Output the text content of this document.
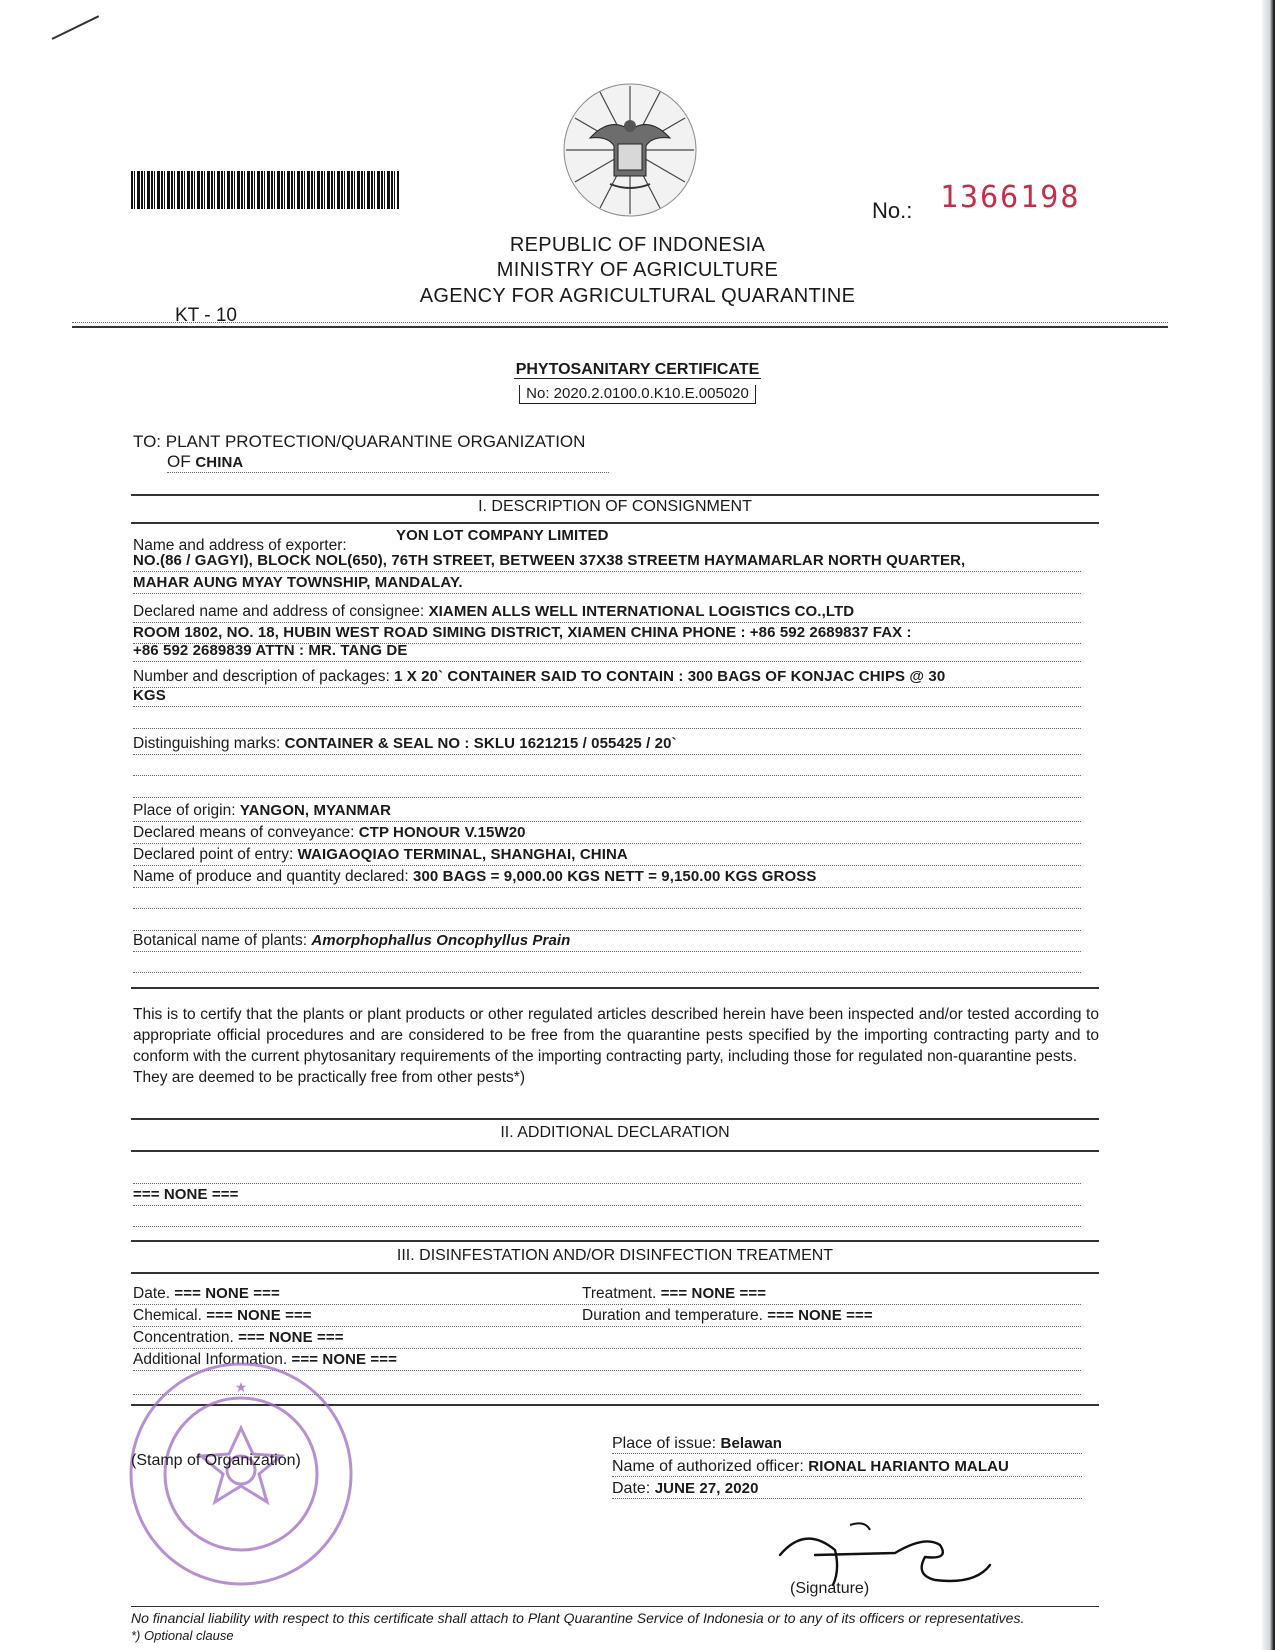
No.: 1366198
REPUBLIC OF INDONESIA
MINISTRY OF AGRICULTURE
AGENCY FOR AGRICULTURAL QUARANTINE
KT - 10
PHYTOSANITARY CERTIFICATE
No: 2020.2.0100.0.K10.E.005020
TO: PLANT PROTECTION/QUARANTINE ORGANIZATION
OF CHINA
I. DESCRIPTION OF CONSIGNMENT
YON LOT COMPANY LIMITED
Name and address of exporter:
NO.(86 / GAGYI), BLOCK NOL(650), 76TH STREET, BETWEEN 37X38 STREETM HAYMAMARLAR NORTH QUARTER,
MAHAR AUNG MYAY TOWNSHIP, MANDALAY.
Declared name and address of consignee: XIAMEN ALLS WELL INTERNATIONAL LOGISTICS CO.,LTD
ROOM 1802, NO. 18, HUBIN WEST ROAD SIMING DISTRICT, XIAMEN CHINA PHONE : +86 592 2689837 FAX :
+86 592 2689839 ATTN : MR. TANG DE
Number and description of packages: 1 X 20` CONTAINER SAID TO CONTAIN : 300 BAGS OF KONJAC CHIPS @ 30
KGS
Distinguishing marks: CONTAINER & SEAL NO : SKLU 1621215 / 055425 / 20`
Place of origin: YANGON, MYANMAR
Declared means of conveyance: CTP HONOUR V.15W20
Declared point of entry: WAIGAOQIAO TERMINAL, SHANGHAI, CHINA
Name of produce and quantity declared: 300 BAGS = 9,000.00 KGS NETT = 9,150.00 KGS GROSS
Botanical name of plants: Amorphophallus Oncophyllus Prain
This is to certify that the plants or plant products or other regulated articles described herein have been inspected and/or tested according to appropriate official procedures and are considered to be free from the quarantine pests specified by the importing contracting party and to conform with the current phytosanitary requirements of the importing contracting party, including those for regulated non-quarantine pests.
They are deemed to be practically free from other pests*)
II. ADDITIONAL DECLARATION
=== NONE ===
III. DISINFESTATION AND/OR DISINFECTION TREATMENT
Date. === NONE ===	Treatment. === NONE ===
Chemical. === NONE ===	Duration and temperature. === NONE ===
Concentration. === NONE ===
Additional Information. === NONE ===
★
(Stamp of Organization)
Place of issue: Belawan
Name of authorized officer: RIONAL HARIANTO MALAU
Date: JUNE 27, 2020
(Signature)
No financial liability with respect to this certificate shall attach to Plant Quarantine Service of Indonesia or to any of its officers or representatives.
*) Optional clause
